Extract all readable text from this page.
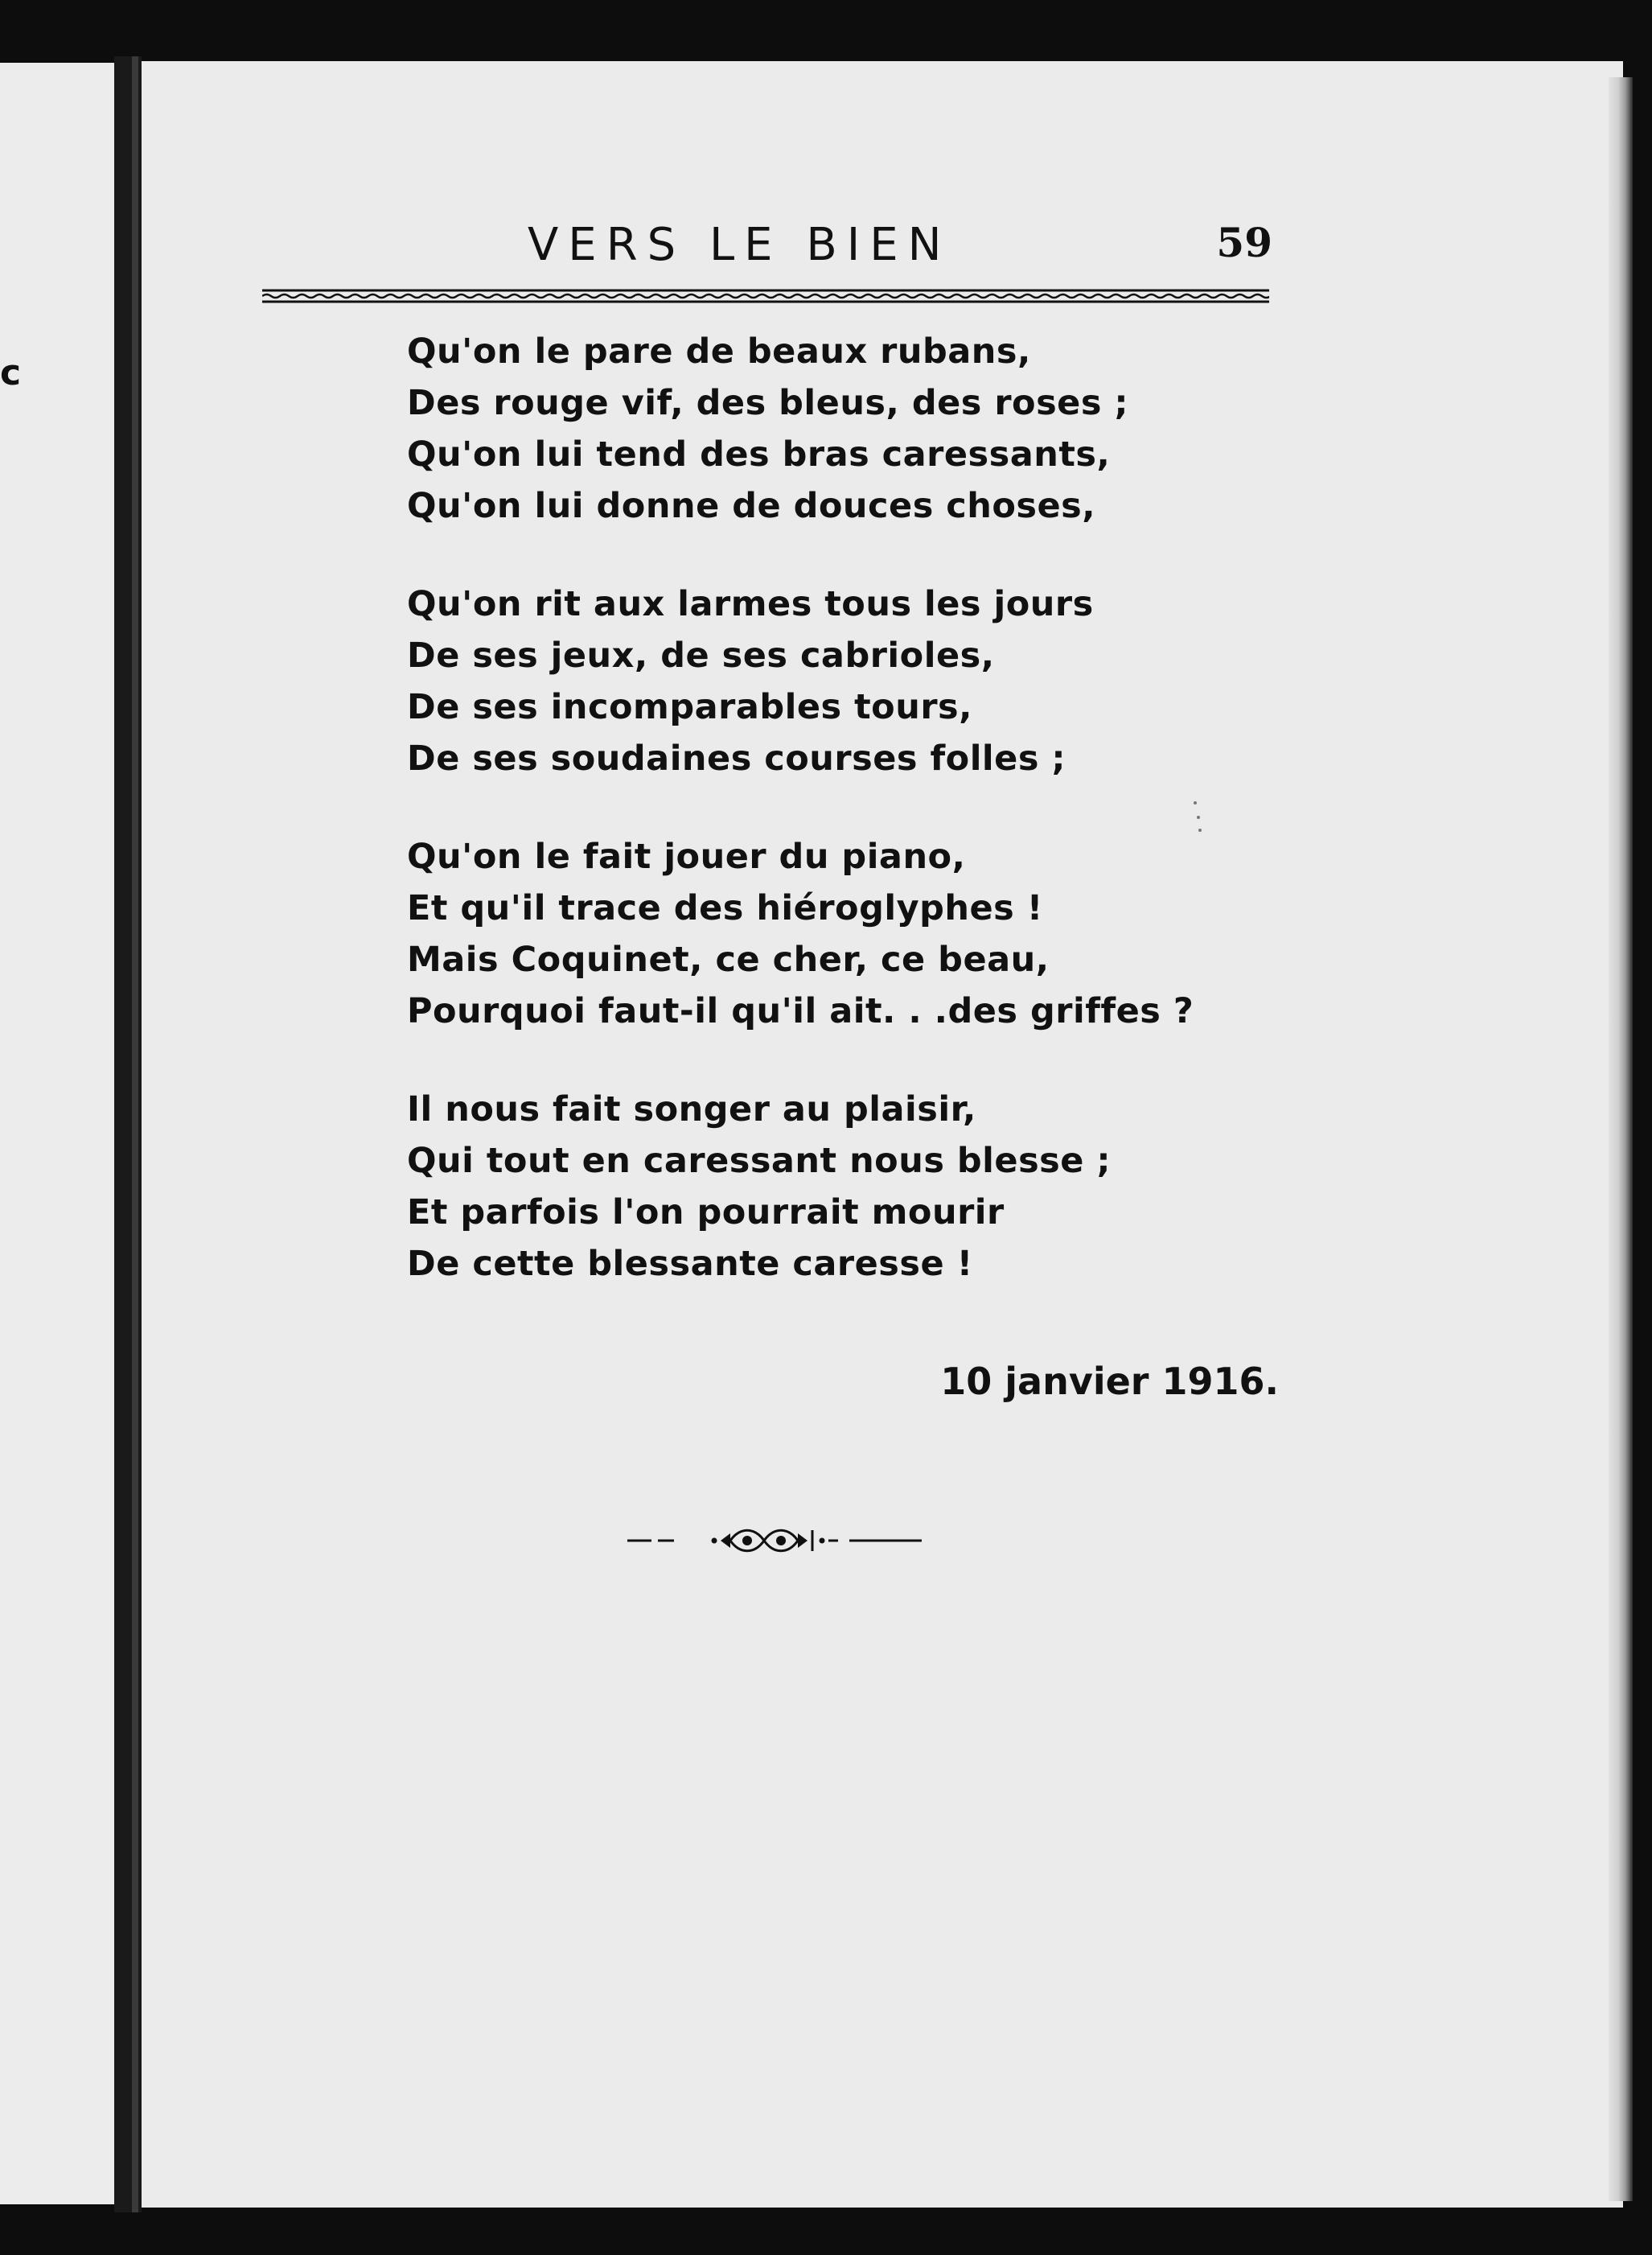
c
VERS LE BIEN	59
Qu'on le pare de beaux rubans,
Des rouge vif, des bleus, des roses ;
Qu'on lui tend des bras caressants,
Qu'on lui donne de douces choses,
Qu'on rit aux larmes tous les jours
De ses jeux, de ses cabrioles,
De ses incomparables tours,
De ses soudaines courses folles ;
Qu'on le fait jouer du piano,
Et qu'il trace des hiéroglyphes !
Mais Coquinet, ce cher, ce beau,
Pourquoi faut-il qu'il ait. . .des griffes ?
Il nous fait songer au plaisir,
Qui tout en caressant nous blesse ;
Et parfois l'on pourrait mourir
De cette blessante caresse !
10 janvier 1916.
